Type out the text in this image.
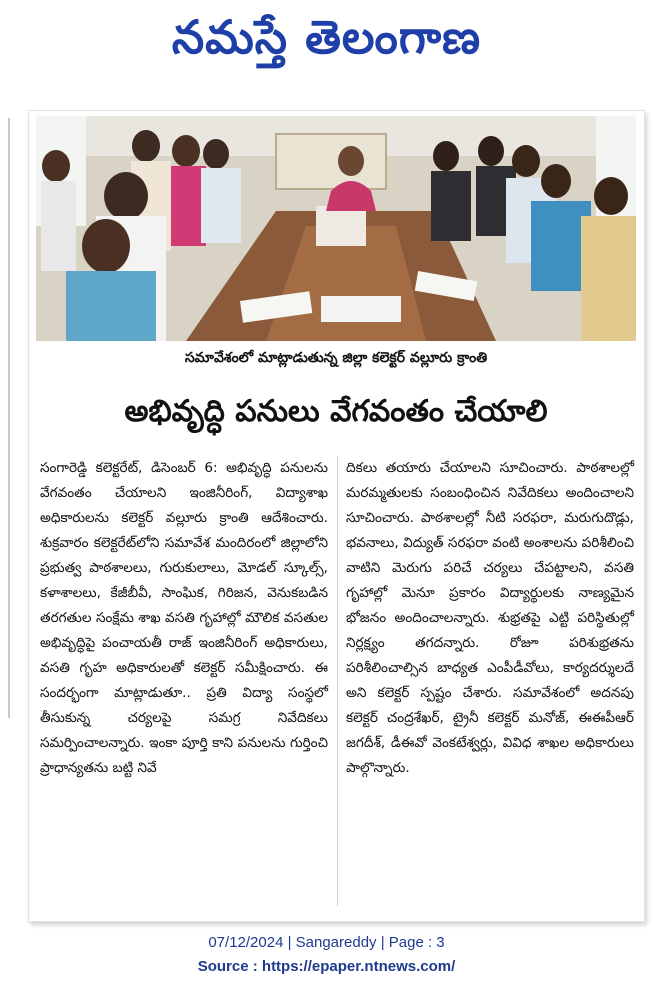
నమస్తే తెలంగాణ
సమావేశంలో మాట్లాడుతున్న జిల్లా కలెక్టర్ వల్లూరు క్రాంతి
అభివృద్ధి పనులు వేగవంతం చేయాలి

సంగారెడ్డి కలెక్టరేట్, డిసెంబర్ 6: అభివృద్ధి పనులను వేగవంతం చేయాలని ఇంజినీరింగ్, విద్యాశాఖ అధికారులను కలెక్టర్ వల్లూరు క్రాంతి ఆదేశించారు. శుక్రవారం కలెక్టరేట్‌లోని సమావేశ మందిరంలో జిల్లాలోని ప్రభుత్వ పాఠశాలలు, గురుకులాలు, మోడల్ స్కూల్స్, కళాశాలలు, కేజీబీవీ, సాంఘిక, గిరిజన, వెనుకబడిన తరగతుల సంక్షేమ శాఖ వసతి గృహాల్లో మౌలిక వసతుల అభివృద్ధిపై పంచాయతీ రాజ్ ఇంజినీరింగ్ అధికారులు, వసతి గృహ అధికారులతో కలెక్టర్ సమీక్షించారు. ఈ సందర్భంగా మాట్లాడుతూ.. ప్రతి విద్యా సంస్థలో తీసుకున్న చర్యలపై సమగ్ర నివేదికలు సమర్పించాలన్నారు. ఇంకా పూర్తి కాని పనులను గుర్తించి ప్రాధాన్యతను బట్టి నివే

దికలు తయారు చేయాలని సూచించారు. పాఠశాలల్లో మరమ్మతులకు సంబంధించిన నివేదికలు అందించాలని సూచించారు. పాఠశాలల్లో నీటి సరఫరా, మరుగుదొడ్లు, భవనాలు, విద్యుత్ సరఫరా వంటి అంశాలను పరిశీలించి వాటిని మెరుగు పరిచే చర్యలు చేపట్టాలని, వసతి గృహాల్లో మెనూ ప్రకారం విద్యార్థులకు నాణ్యమైన భోజనం అందించాలన్నారు. శుభ్రతపై ఎట్టి పరిస్థితుల్లో నిర్లక్ష్యం తగదన్నారు. రోజూ పరిశుభ్రతను పరిశీలించాల్సిన బాధ్యత ఎంపీడీవోలు, కార్యదర్శులదే అని కలెక్టర్ స్పష్టం చేశారు. సమావేశంలో అదనపు కలెక్టర్ చంద్రశేఖర్, ట్రైనీ కలెక్టర్ మనోజ్, ఈఈపీఆర్ జగదీశ్, డీఈవో వెంకటేశ్వర్లు, వివిధ శాఖల అధికారులు పాల్గొన్నారు.

07/12/2024 | Sangareddy | Page : 3
Source : https://epaper.ntnews.com/
